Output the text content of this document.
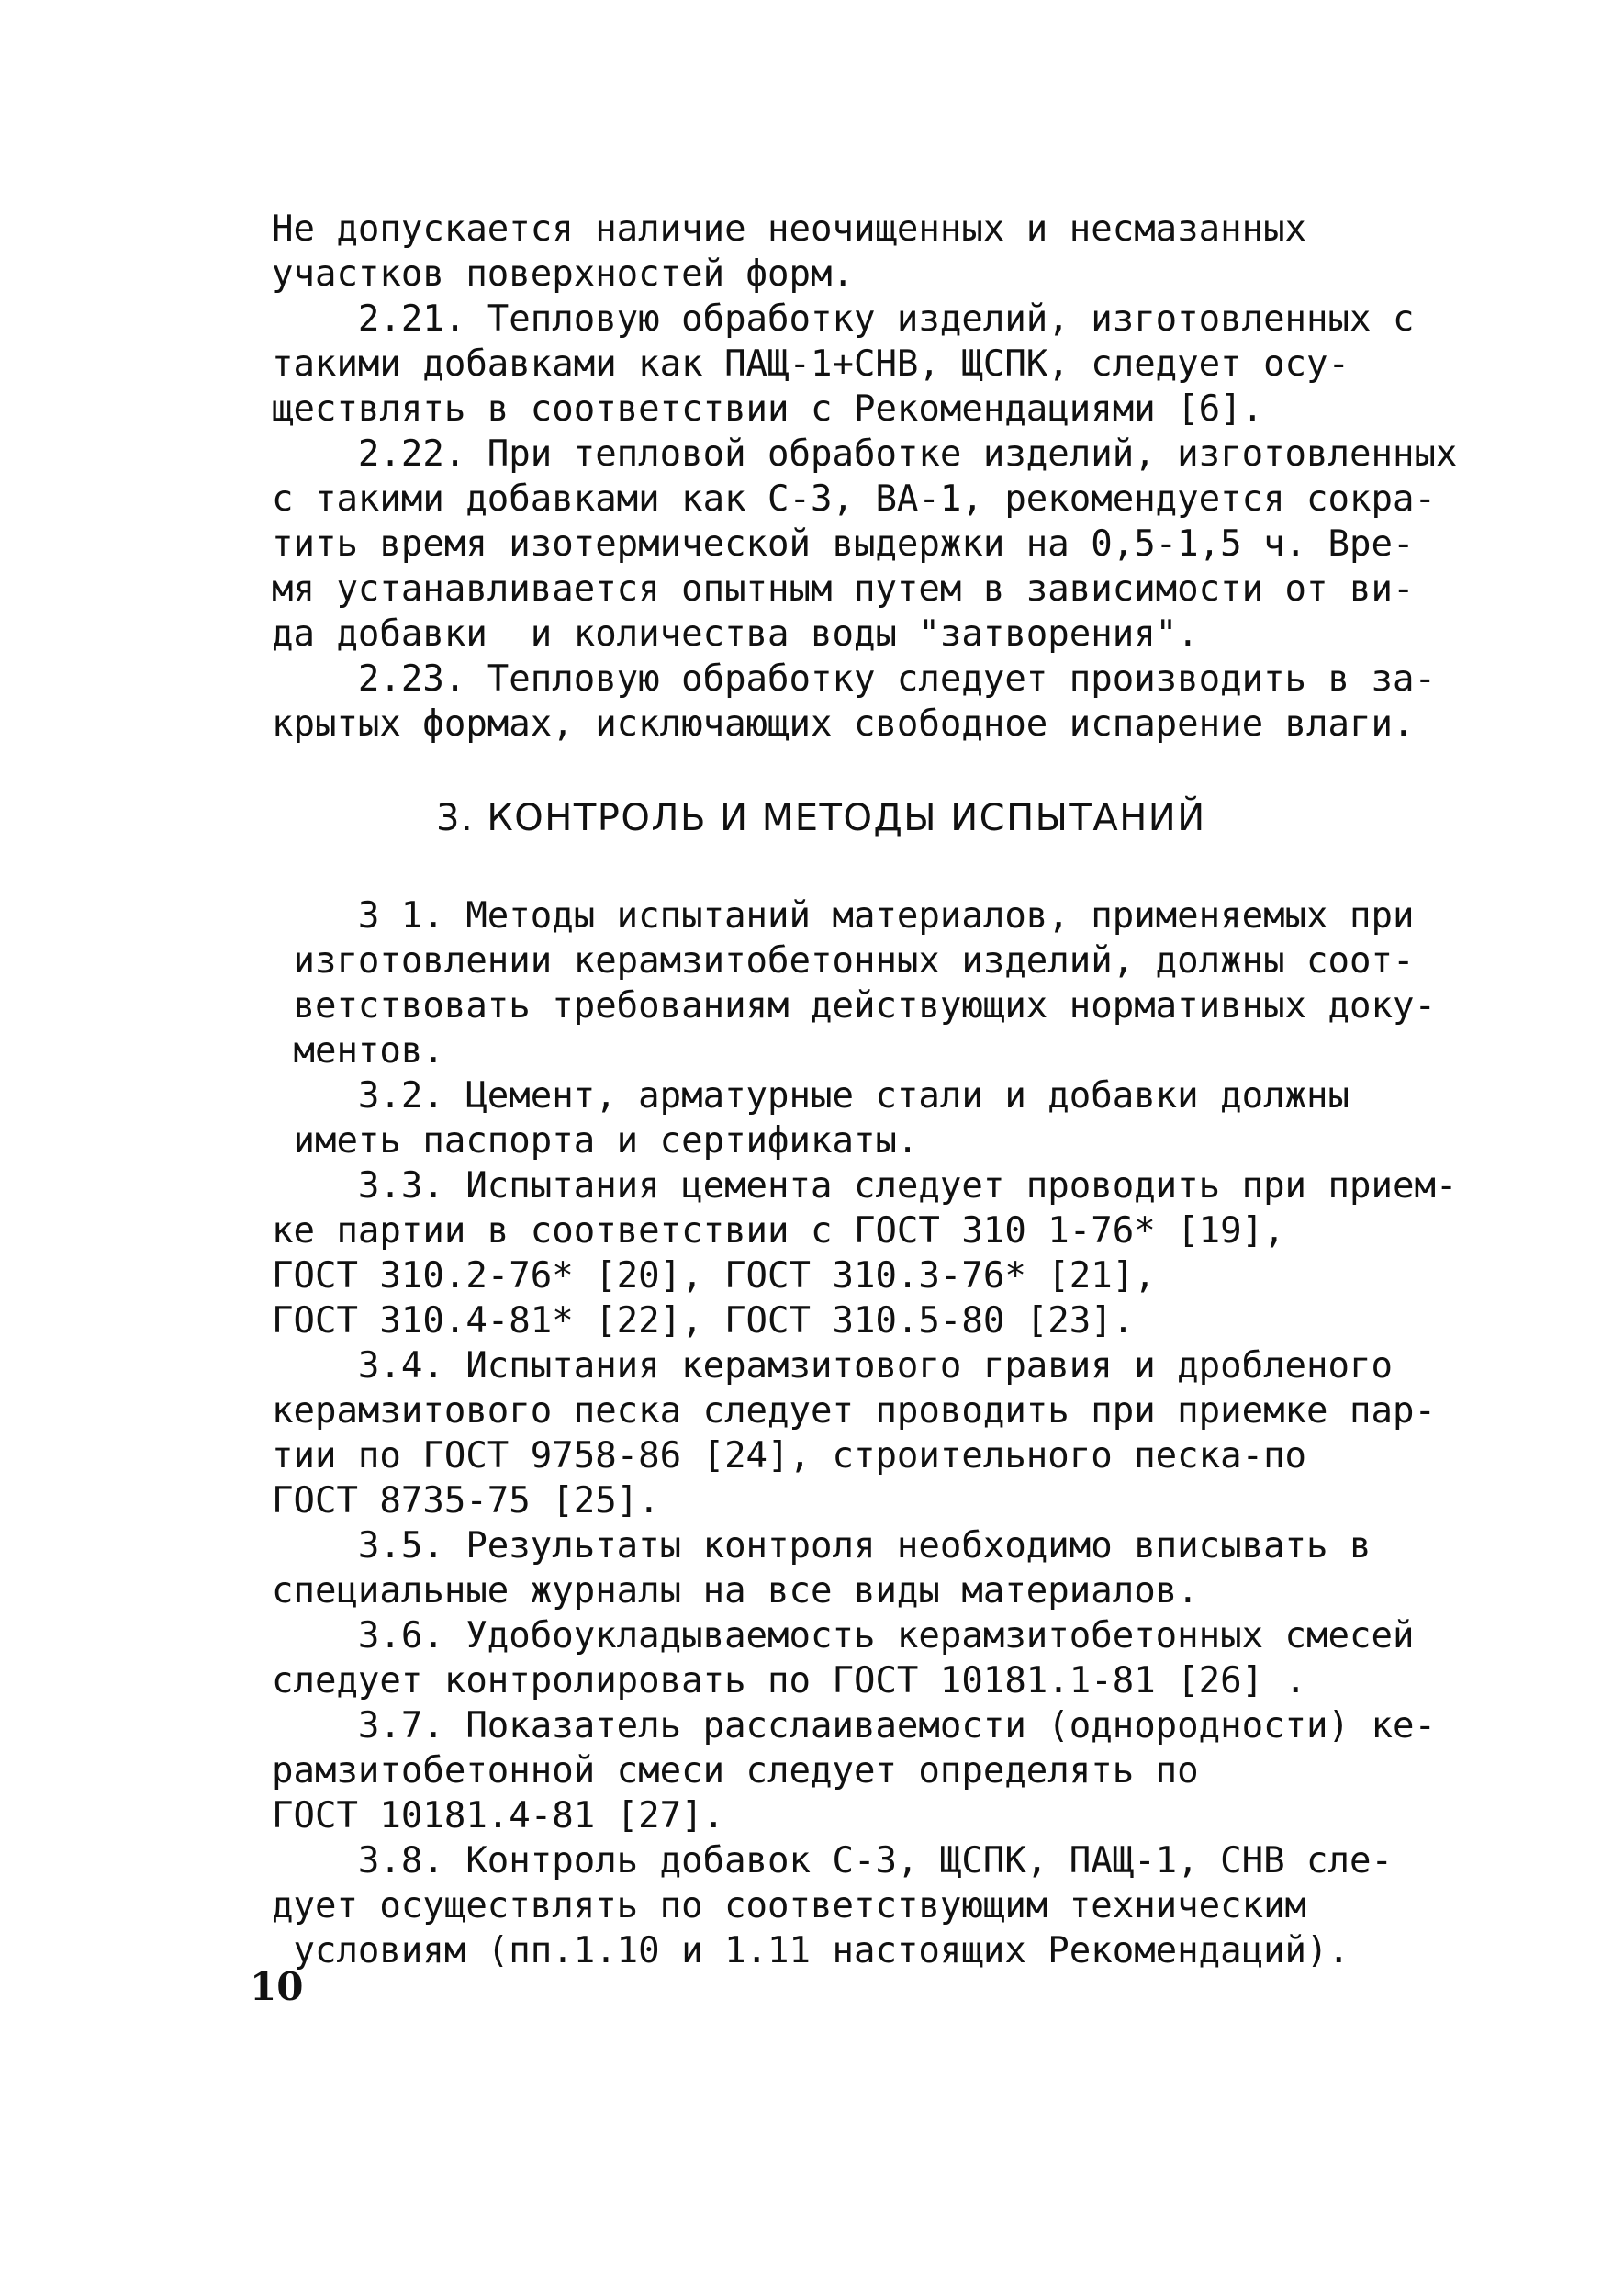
Не допускается наличие неочищенных и несмазанных
участков поверхностей форм.
2.21. Тепловую обработку изделий, изготовленных с
такими добавками как ПАЩ-1+СНВ, ЩСПК, следует осу-
ществлять в соответствии с Рекомендациями [6].
2.22. При тепловой обработке изделий, изготовленных
с такими добавками как С-3, ВА-1, рекомендуется сокра-
тить время изотермической выдержки на 0,5-1,5 ч. Вре-
мя устанавливается опытным путем в зависимости от ви-
да добавки  и количества воды "затворения".
2.23. Тепловую обработку следует производить в за-
крытых формах, исключающих свободное испарение влаги.
3. КОНТРОЛЬ И МЕТОДЫ ИСПЫТАНИЙ
3 1. Методы испытаний материалов, применяемых при
изготовлении керамзитобетонных изделий, должны соот-
ветствовать требованиям действующих нормативных доку-
ментов.
3.2. Цемент, арматурные стали и добавки должны
иметь паспорта и сертификаты.
3.3. Испытания цемента следует проводить при прием-
ке партии в соответствии с ГОСТ 310 1-76* [19],
ГОСТ 310.2-76* [20], ГОСТ 310.3-76* [21],
ГОСТ 310.4-81* [22], ГОСТ 310.5-80 [23].
3.4. Испытания керамзитового гравия и дробленого
керамзитового песка следует проводить при приемке пар-
тии по ГОСТ 9758-86 [24], строительного песка-по
ГОСТ 8735-75 [25].
3.5. Результаты контроля необходимо вписывать в
специальные журналы на все виды материалов.
3.6. Удобоукладываемость керамзитобетонных смесей
следует контролировать по ГОСТ 10181.1-81 [26] .
3.7. Показатель расслаиваемости (однородности) ке-
рамзитобетонной смеси следует определять по
ГОСТ 10181.4-81 [27].
3.8. Контроль добавок С-3, ЩСПК, ПАЩ-1, СНВ сле-
дует осуществлять по соответствующим техническим
условиям (пп.1.10 и 1.11 настоящих Рекомендаций).
10
